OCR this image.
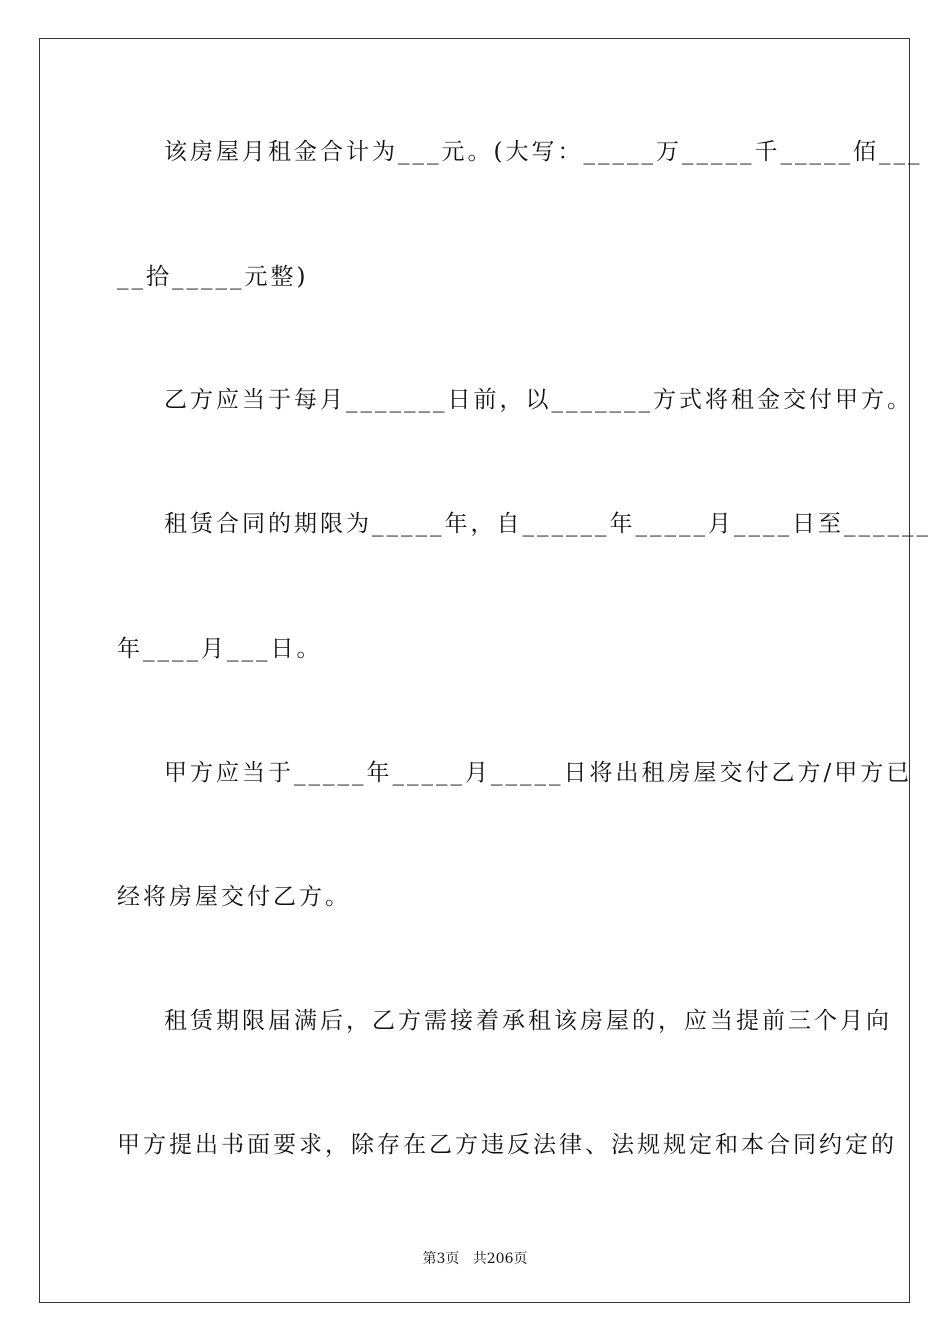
该房屋月租金合计为___元。(大写：_____万_____千_____佰___

__拾_____元整)

乙方应当于每月_______日前，以_______方式将租金交付甲方。

租赁合同的期限为_____年，自______年_____月____日至______

年____月___日。

甲方应当于_____年_____月_____日将出租房屋交付乙方/甲方已

经将房屋交付乙方。

租赁期限届满后，乙方需接着承租该房屋的，应当提前三个月向

甲方提出书面要求，除存在乙方违反法律、法规规定和本合同约定的

第3页   共206页
